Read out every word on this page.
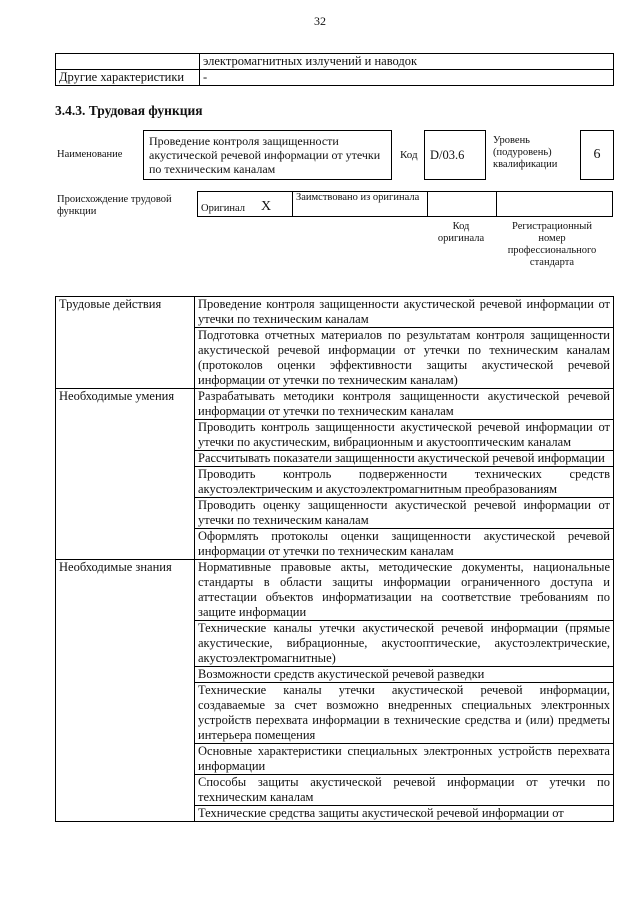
32
	электромагнитных излучений и наводок
Другие характеристики	-
3.4.3. Трудовая функция
Наименование
Проведение контроля защищенности акустической речевой информации от утечки по техническим каналам
Код D/03.6
Уровень (подуровень) квалификации
6
Происхождение трудовой функции	$_{Оригинал}$ X	Заимствовано из оригинала		
Код оригинала
Регистрационный номер профессионального стандарта
Трудовые действия	Проведение контроля защищенности акустической речевой информации от утечки по техническим каналам
	Подготовка отчетных материалов по результатам контроля защищенности акустической речевой информации от утечки по техническим каналам (протоколов оценки эффективности защиты акустической речевой информации от утечки по техническим каналам)
Необходимые умения	Разрабатывать методики контроля защищенности акустической речевой информации от утечки по техническим каналам
	Проводить контроль защищенности акустической речевой информации от утечки по акустическим, вибрационным и акустооптическим каналам
	Рассчитывать показатели защищенности акустической речевой информации
	Проводить контроль подверженности технических средств акустоэлектрическим и акустоэлектромагнитным преобразованиям
	Проводить оценку защищенности акустической речевой информации от утечки по техническим каналам
	Оформлять протоколы оценки защищенности акустической речевой информации от утечки по техническим каналам
Необходимые знания	Нормативные правовые акты, методические документы, национальные стандарты в области защиты информации ограниченного доступа и аттестации объектов информатизации на соответствие требованиям по защите информации
	Технические каналы утечки акустической речевой информации (прямые акустические, вибрационные, акустооптические, акустоэлектрические, акустоэлектромагнитные)
	Возможности средств акустической речевой разведки
	Технические каналы утечки акустической речевой информации, создаваемые за счет возможно внедренных специальных электронных устройств перехвата информации в технические средства и (или) предметы интерьера помещения
	Основные характеристики специальных электронных устройств перехвата информации
	Способы защиты акустической речевой информации от утечки по техническим каналам
	Технические средства защиты акустической речевой информации от
